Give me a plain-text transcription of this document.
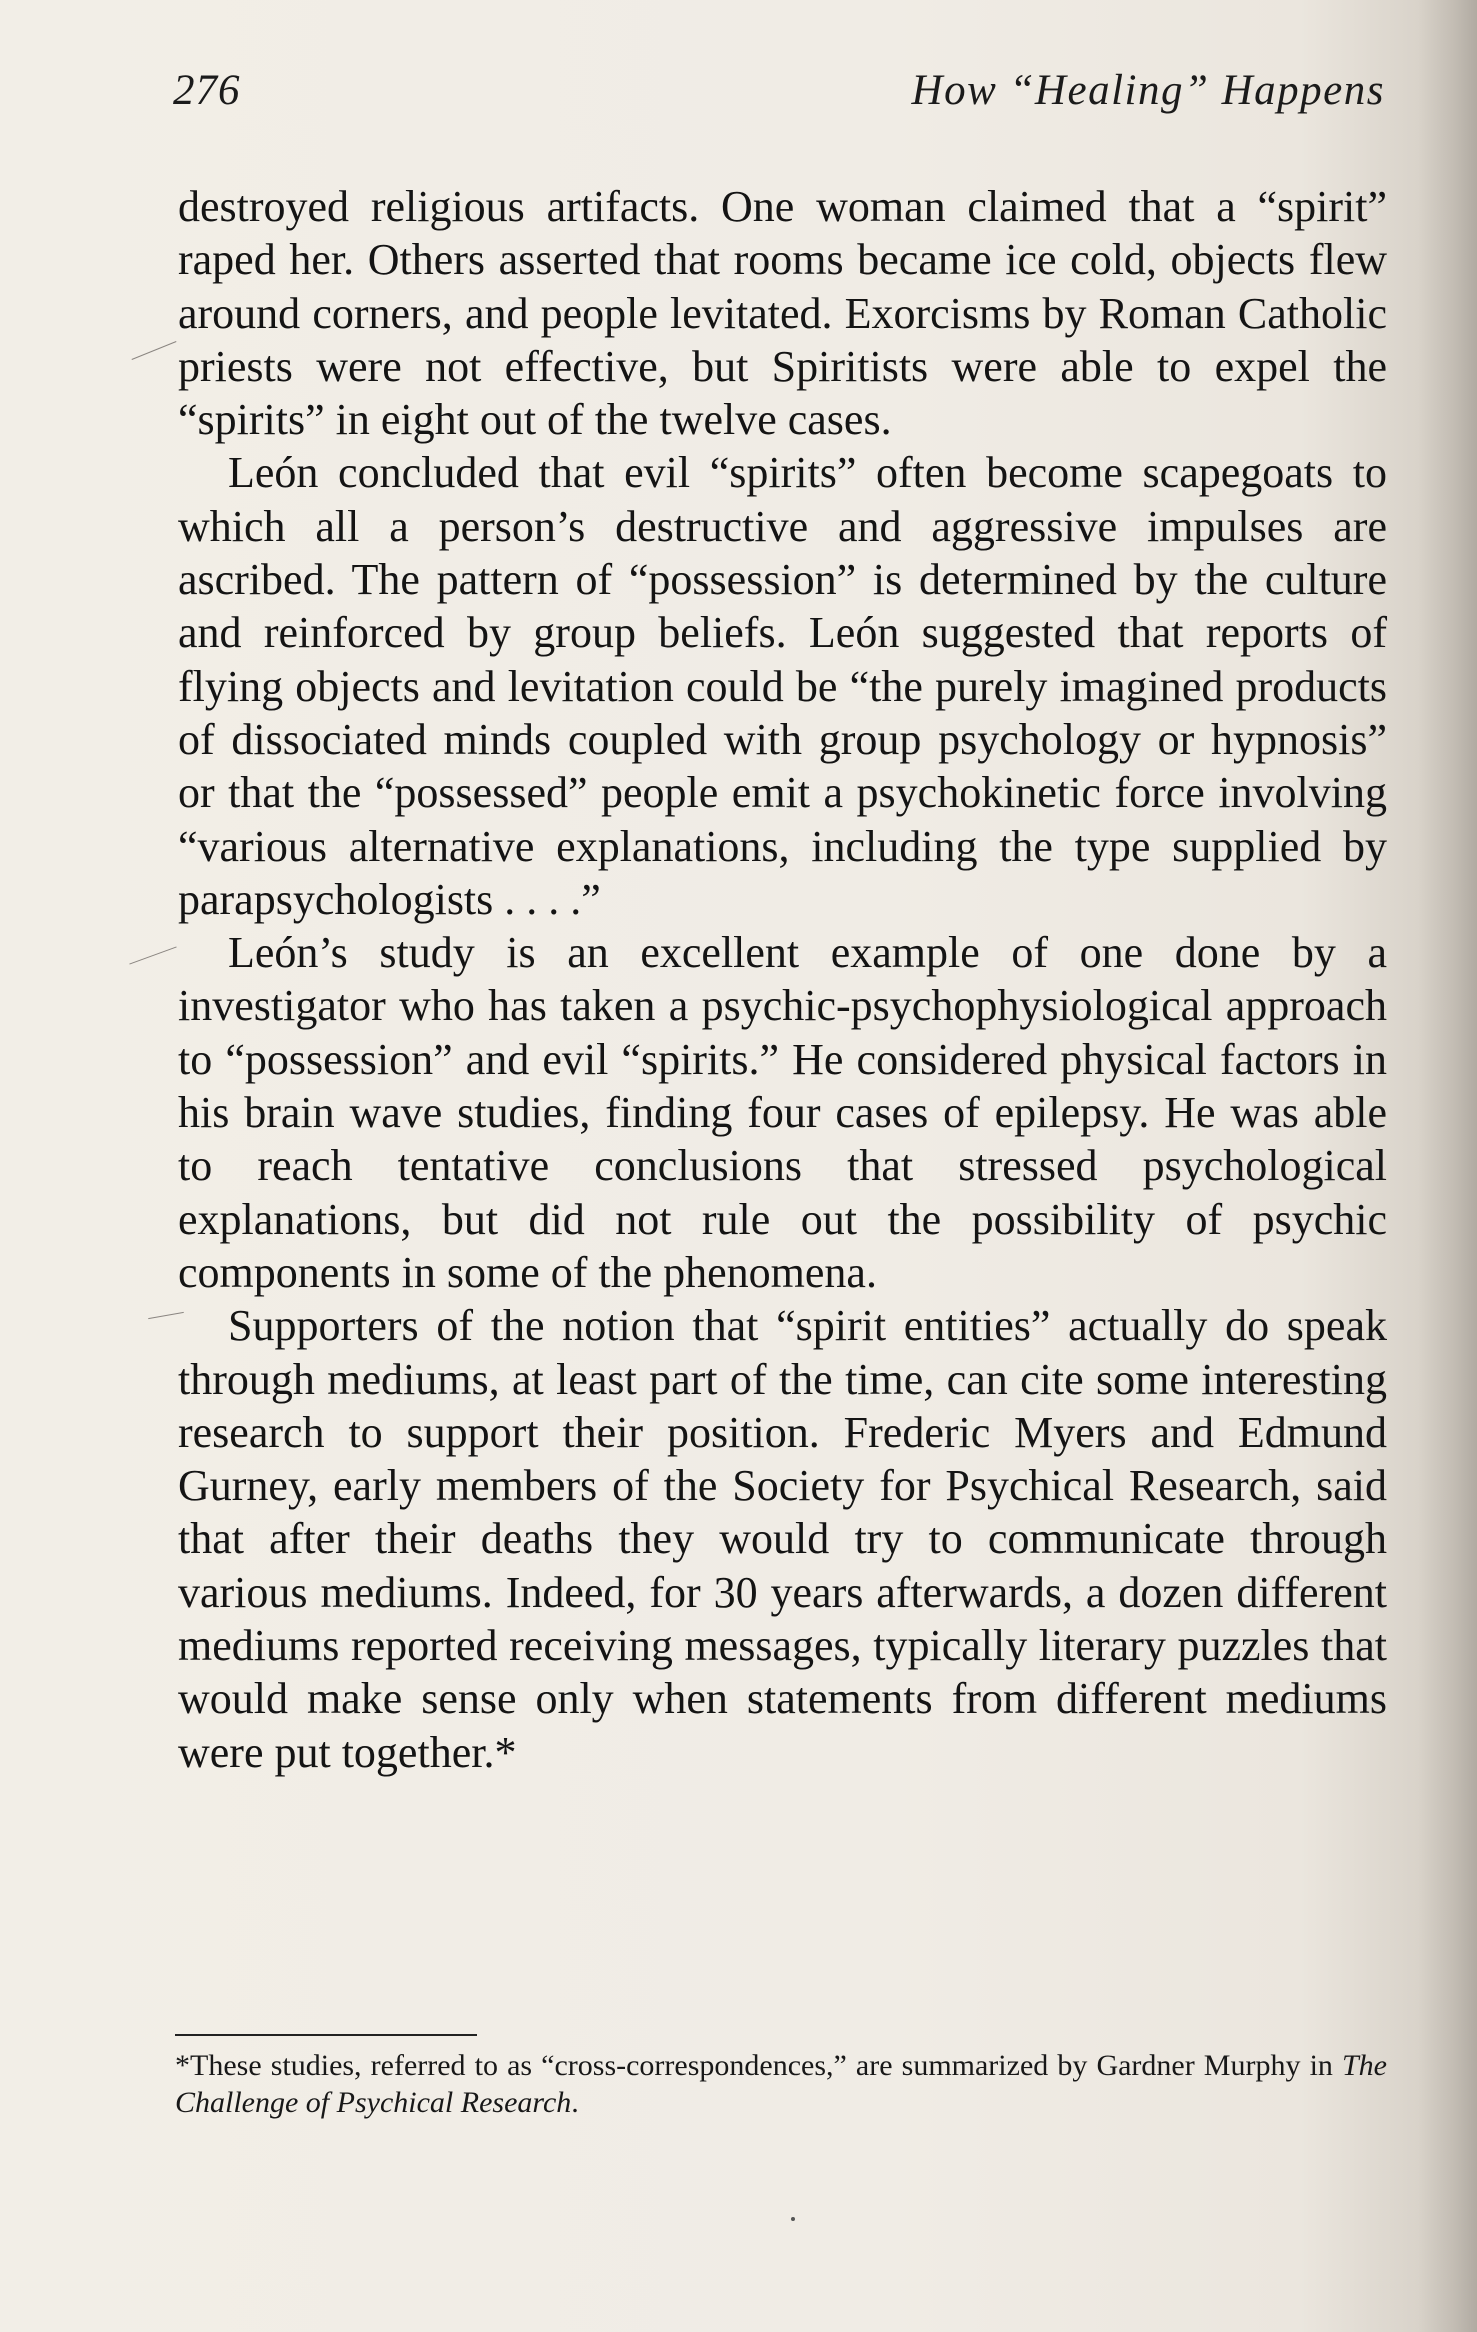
276	How “Healing” Happens

destroyed religious artifacts. One woman claimed that a “spirit” raped her. Others asserted that rooms became ice cold, objects flew around corners, and people levitated. Exorcisms by Roman Catholic priests were not effective, but Spiritists were able to expel the “spirits” in eight out of the twelve cases.

León concluded that evil “spirits” often become scapegoats to which all a person’s destructive and aggressive impulses are ascribed. The pattern of “possession” is determined by the culture and reinforced by group beliefs. León suggested that reports of flying objects and levitation could be “the purely imagined products of dissociated minds coupled with group psychology or hypnosis” or that the “possessed” people emit a psychokinetic force involving “various alternative explanations, including the type supplied by parapsychologists . . . .”

León’s study is an excellent example of one done by a investigator who has taken a psychic-psychophysiological approach to “possession” and evil “spirits.” He considered physical factors in his brain wave studies, finding four cases of epilepsy. He was able to reach tentative conclusions that stressed psychological explanations, but did not rule out the possibility of psychic components in some of the phenomena.

Supporters of the notion that “spirit entities” actually do speak through mediums, at least part of the time, can cite some interesting research to support their position. Frederic Myers and Edmund Gurney, early members of the Society for Psychical Research, said that after their deaths they would try to communicate through various mediums. Indeed, for 30 years afterwards, a dozen different mediums reported receiving messages, typically literary puzzles that would make sense only when statements from different mediums were put together.*

*These studies, referred to as “cross-correspondences,” are summarized by Gardner Murphy in The Challenge of Psychical Research.
